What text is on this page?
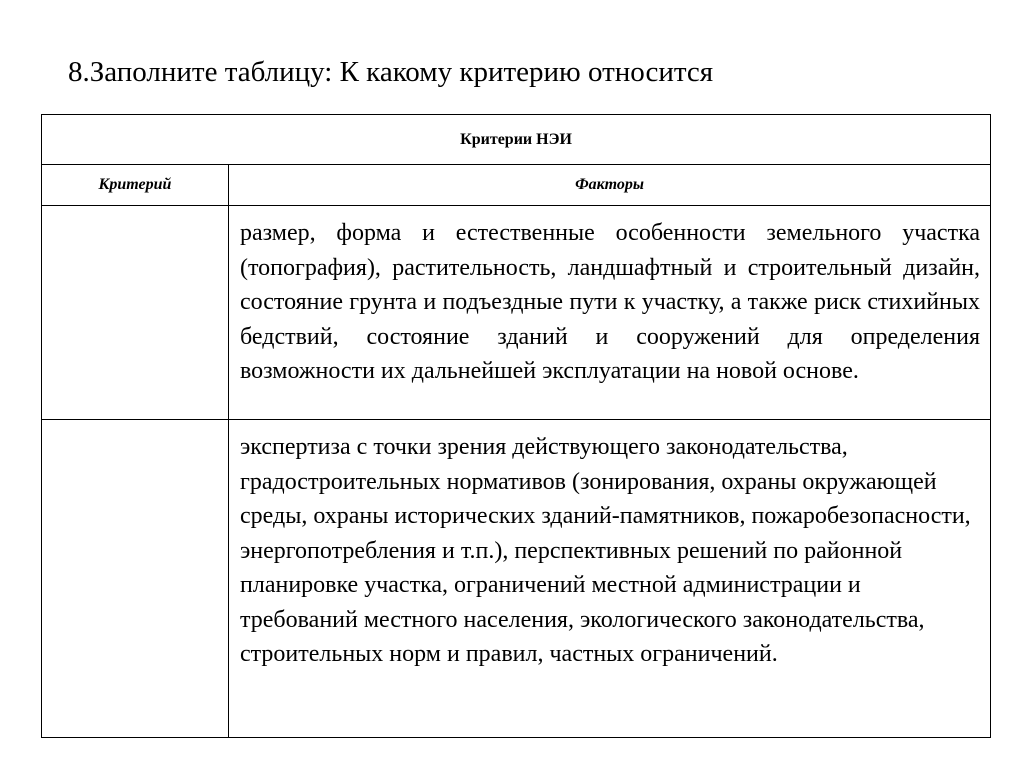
8.Заполните таблицу: К какому критерию относится
Критерии НЭИ	
Критерий	Факторы
	размер, форма и естественные особенности земельного участка (топография), растительность, ландшафтный и строительный дизайн, состояние грунта и подъездные пути к участку, а также риск стихийных бедствий, состояние зданий и сооружений для определения возможности их дальнейшей эксплуатации на новой основе.
	экспертиза с точки зрения действующего законодательства, градостроительных нормативов (зонирования, охраны окружающей среды, охраны исторических зданий-памятников, пожаробезопасности, энергопотребления и т.п.), перспективных решений по районной планировке участка, ограничений местной администрации и требований местного населения, экологического законодательства, строительных норм и правил, частных ограничений.
